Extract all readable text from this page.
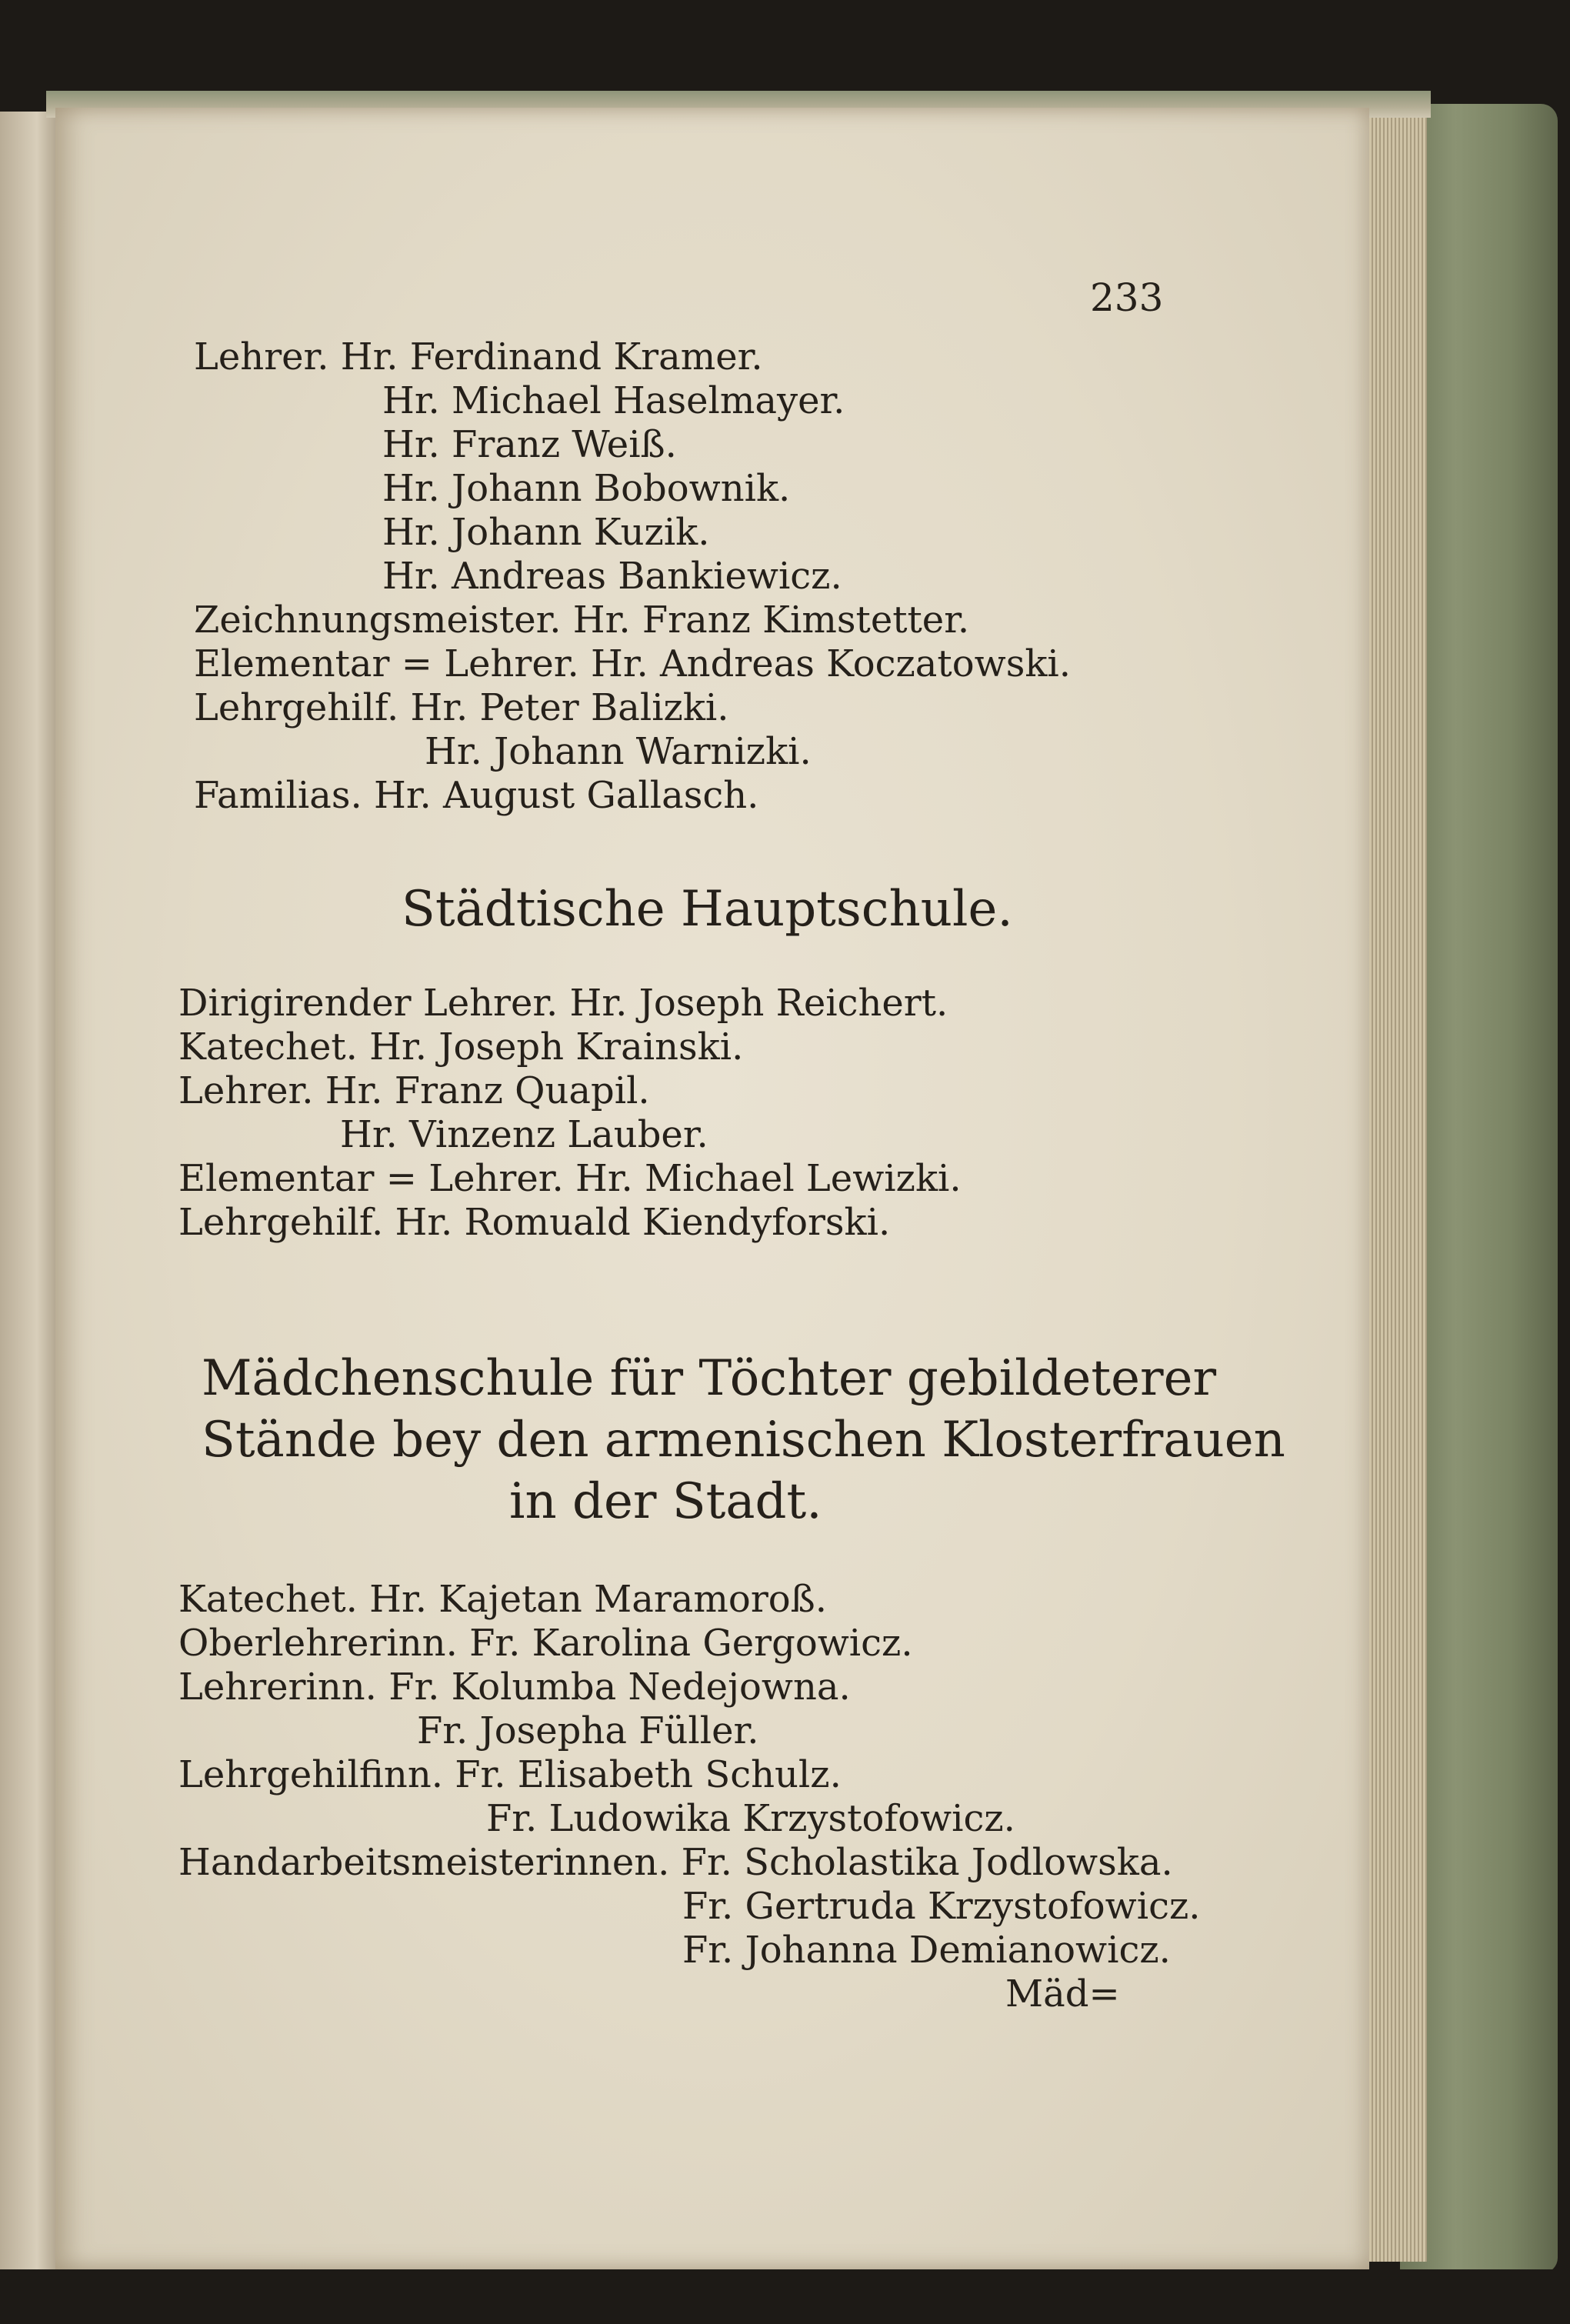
233
Lehrer. Hr. Ferdinand Kramer.
Hr. Michael Haselmayer.
Hr. Franz Weiß.
Hr. Johann Bobownik.
Hr. Johann Kuzik.
Hr. Andreas Bankiewicz.
Zeichnungsmeister. Hr. Franz Kimstetter.
Elementar = Lehrer. Hr. Andreas Koczatowski.
Lehrgehilf. Hr. Peter Balizki.
Hr. Johann Warnizki.
Familias. Hr. August Gallasch.
Städtische Hauptschule.
Dirigirender Lehrer. Hr. Joseph Reichert.
Katechet. Hr. Joseph Krainski.
Lehrer. Hr. Franz Quapil.
Hr. Vinzenz Lauber.
Elementar = Lehrer. Hr. Michael Lewizki.
Lehrgehilf. Hr. Romuald Kiendyforski.
Mädchenschule für Töchter gebildeterer
Stände bey den armenischen Klosterfrauen
in der Stadt.
Katechet. Hr. Kajetan Maramoroß.
Oberlehrerinn. Fr. Karolina Gergowicz.
Lehrerinn. Fr. Kolumba Nedejowna.
Fr. Josepha Füller.
Lehrgehilfinn. Fr. Elisabeth Schulz.
Fr. Ludowika Krzystofowicz.
Handarbeitsmeisterinnen. Fr. Scholastika Jodlowska.
Fr. Gertruda Krzystofowicz.
Fr. Johanna Demianowicz.
Mäd=
